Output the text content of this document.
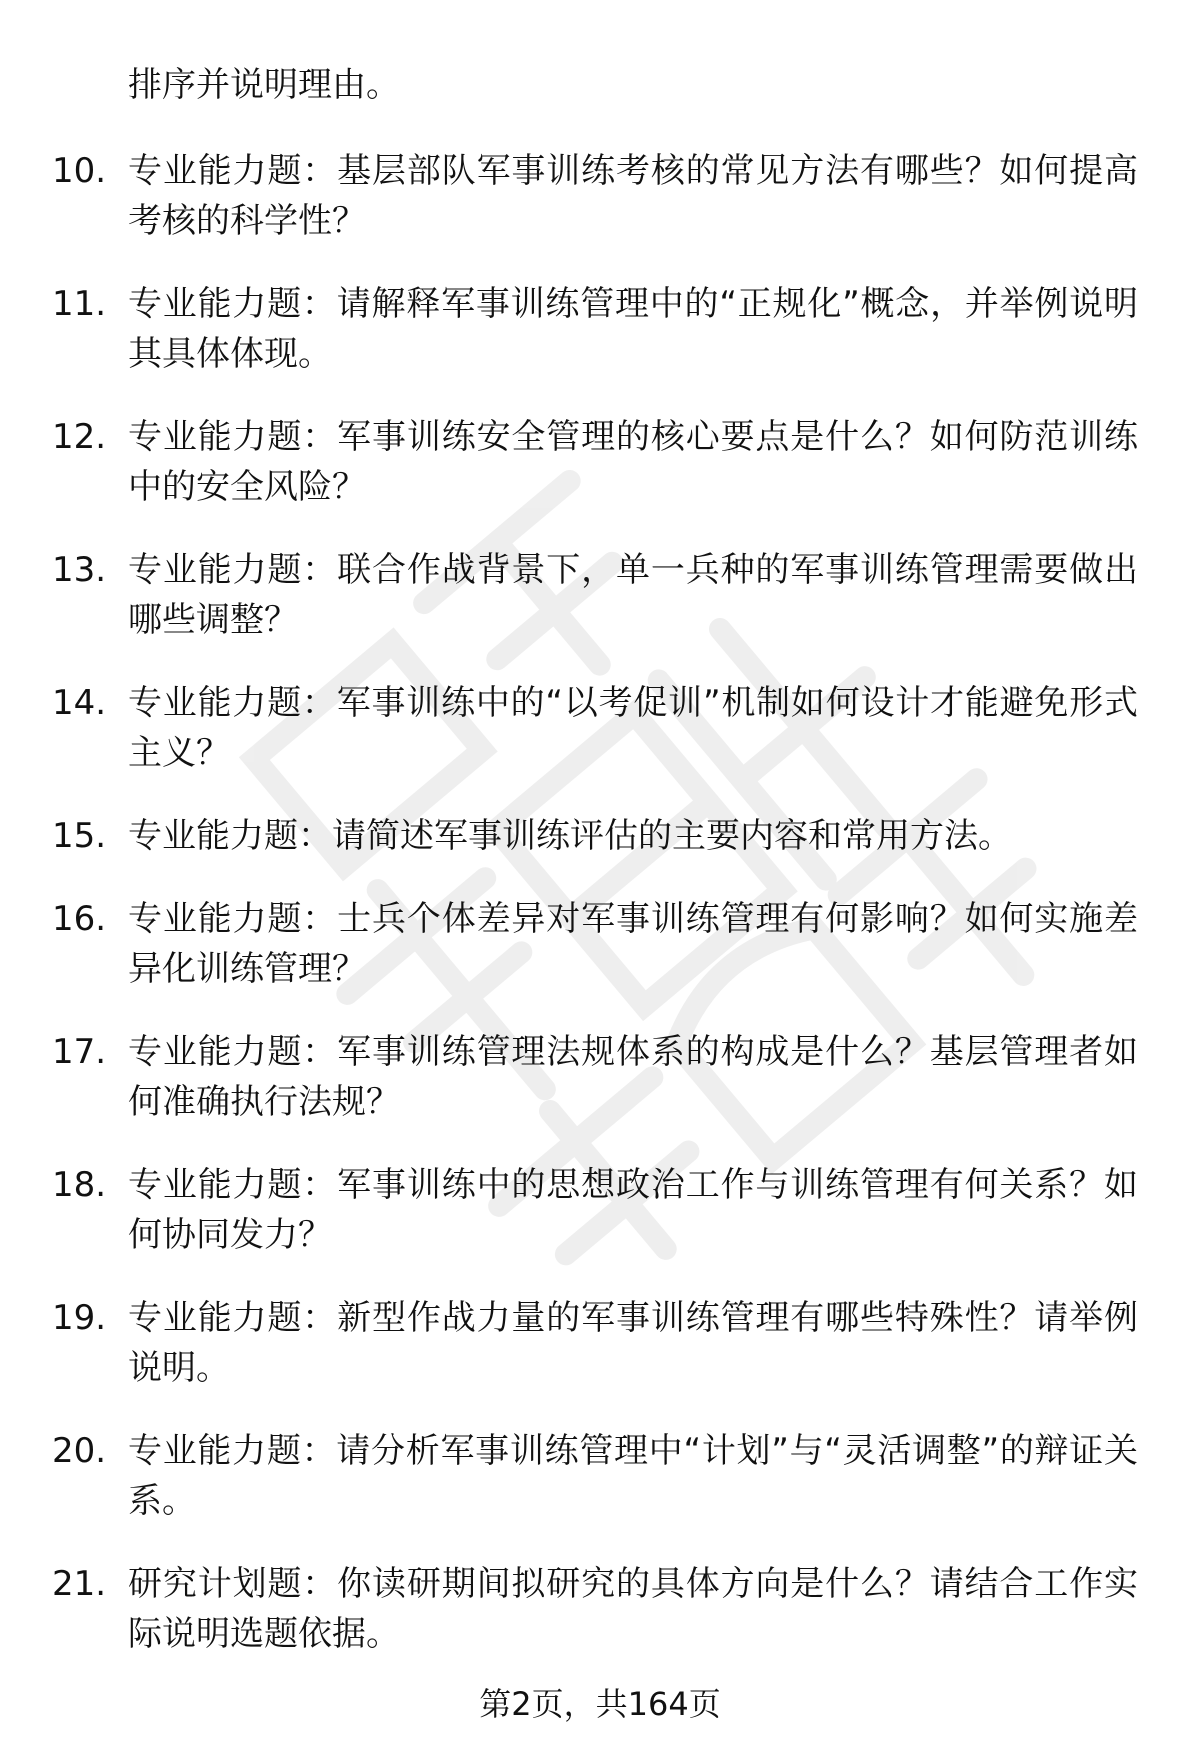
排序并说明理由。

10. 专业能力题：基层部队军事训练考核的常见方法有哪些？如何提高考核的科学性？
11. 专业能力题：请解释军事训练管理中的“正规化”概念，并举例说明其具体体现。
12. 专业能力题：军事训练安全管理的核心要点是什么？如何防范训练中的安全风险？
13. 专业能力题：联合作战背景下，单一兵种的军事训练管理需要做出哪些调整？
14. 专业能力题：军事训练中的“以考促训”机制如何设计才能避免形式主义？
15. 专业能力题：请简述军事训练评估的主要内容和常用方法。
16. 专业能力题：士兵个体差异对军事训练管理有何影响？如何实施差异化训练管理？
17. 专业能力题：军事训练管理法规体系的构成是什么？基层管理者如何准确执行法规？
18. 专业能力题：军事训练中的思想政治工作与训练管理有何关系？如何协同发力？
19. 专业能力题：新型作战力量的军事训练管理有哪些特殊性？请举例说明。
20. 专业能力题：请分析军事训练管理中“计划”与“灵活调整”的辩证关系。
21. 研究计划题：你读研期间拟研究的具体方向是什么？请结合工作实际说明选题依据。
第2页，共164页
